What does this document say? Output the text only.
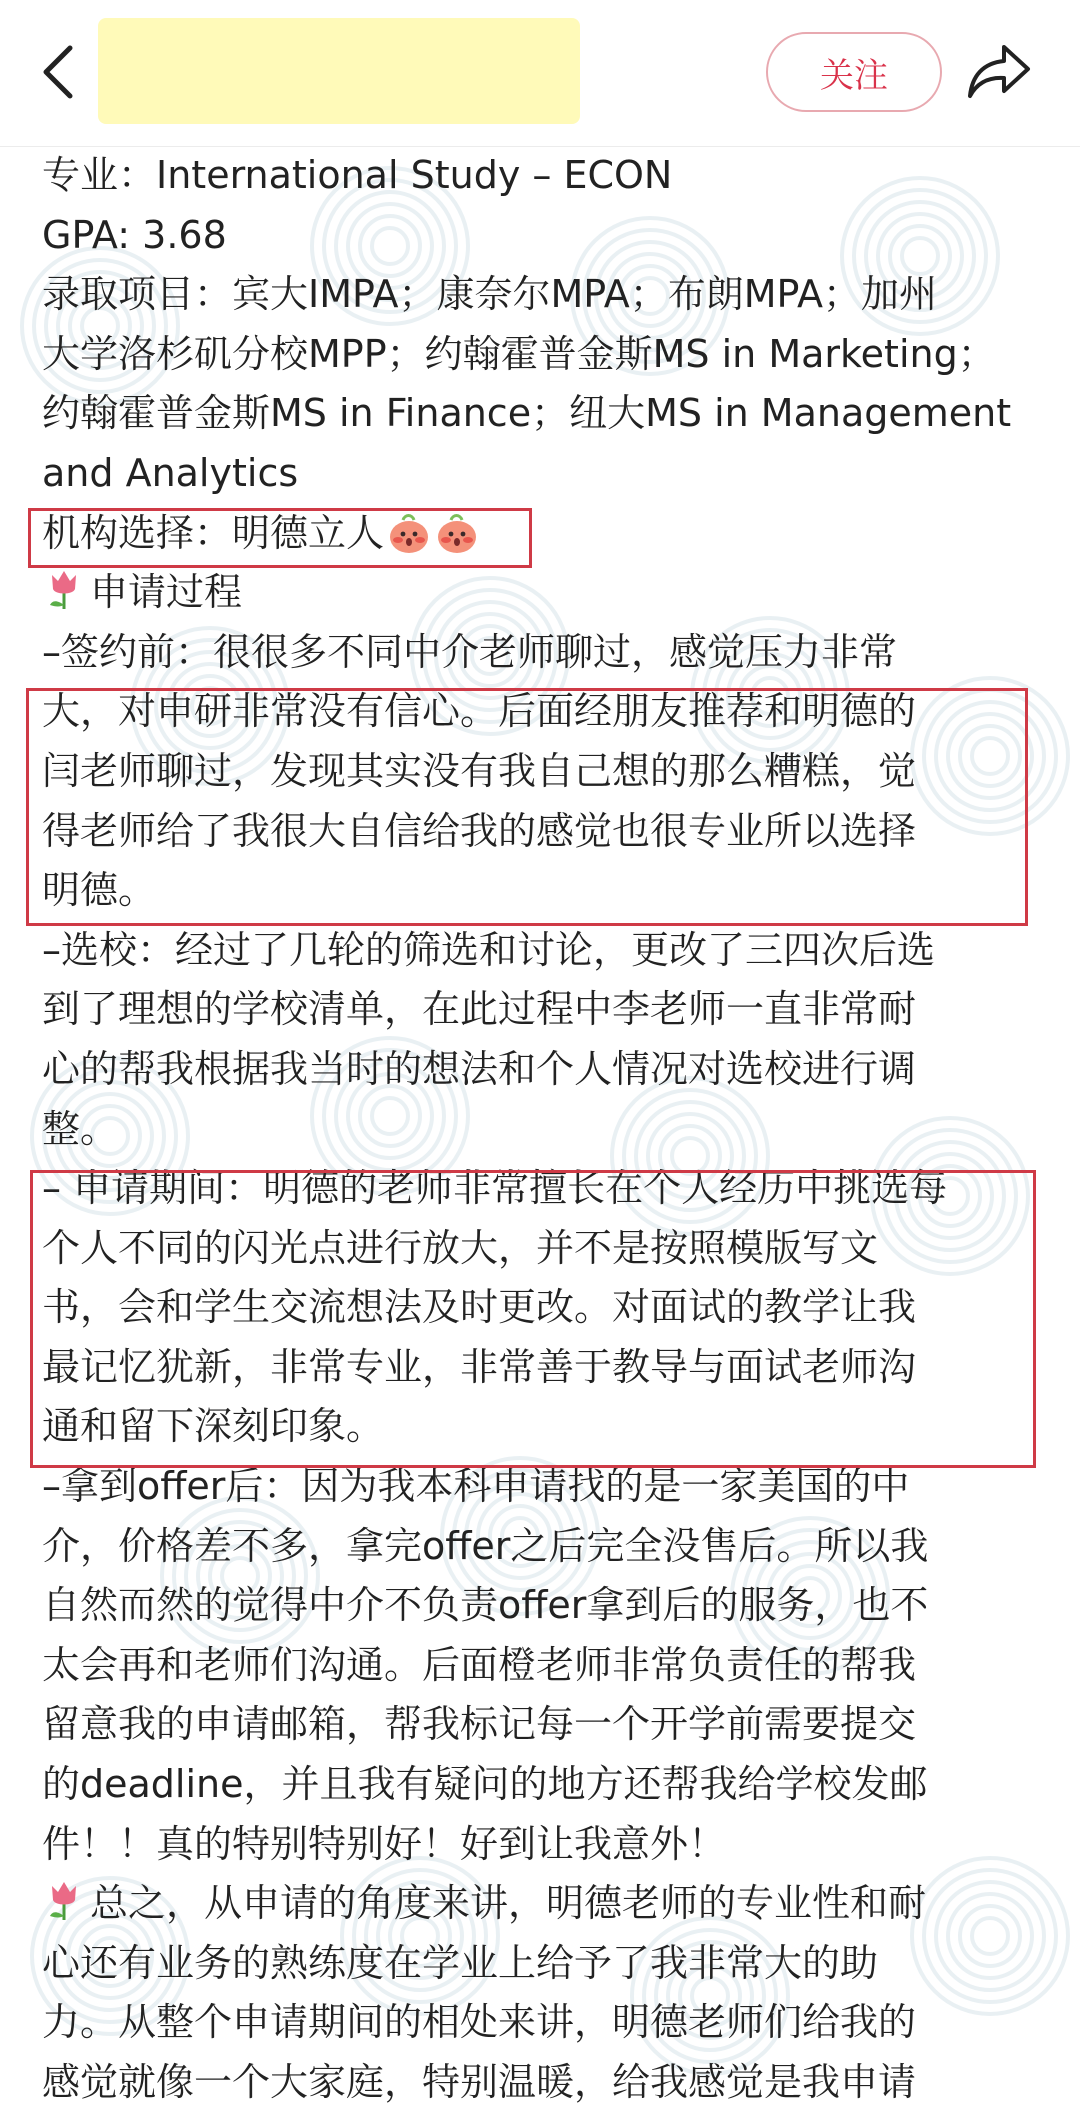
关注
专业：International Study – ECON
GPA: 3.68
录取项目：宾大IMPA；康奈尔MPA；布朗MPA；加州
大学洛杉矶分校MPP；约翰霍普金斯MS in Marketing；
约翰霍普金斯MS in Finance；纽大MS in Management
and Analytics
机构选择：明德立人
申请过程
–签约前：很很多不同中介老师聊过，感觉压力非常
大，对申研非常没有信心。后面经朋友推荐和明德的
闫老师聊过，发现其实没有我自己想的那么糟糕，觉
得老师给了我很大自信给我的感觉也很专业所以选择
明德。
–选校：经过了几轮的筛选和讨论，更改了三四次后选
到了理想的学校清单，在此过程中李老师一直非常耐
心的帮我根据我当时的想法和个人情况对选校进行调
整。
– 申请期间：明德的老师非常擅长在个人经历中挑选每
个人不同的闪光点进行放大，并不是按照模版写文
书，会和学生交流想法及时更改。对面试的教学让我
最记忆犹新，非常专业，非常善于教导与面试老师沟
通和留下深刻印象。
–拿到offer后：因为我本科申请找的是一家美国的中
介，价格差不多，拿完offer之后完全没售后。所以我
自然而然的觉得中介不负责offer拿到后的服务，也不
太会再和老师们沟通。后面橙老师非常负责任的帮我
留意我的申请邮箱，帮我标记每一个开学前需要提交
的deadline，并且我有疑问的地方还帮我给学校发邮
件！！真的特别特别好！好到让我意外！
总之，从申请的角度来讲，明德老师的专业性和耐
心还有业务的熟练度在学业上给予了我非常大的助
力。从整个申请期间的相处来讲，明德老师们给我的
感觉就像一个大家庭，特别温暖，给我感觉是我申请
